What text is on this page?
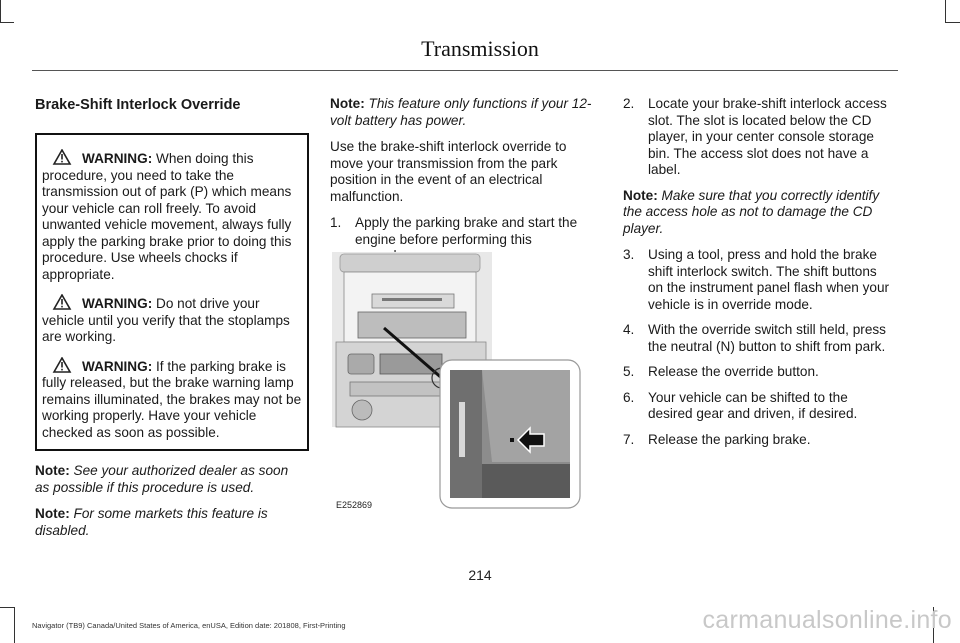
Transmission
Brake-Shift Interlock Override
WARNING: When doing this procedure, you need to take the transmission out of park (P) which means your vehicle can roll freely. To avoid unwanted vehicle movement, always fully apply the parking brake prior to doing this procedure. Use wheels chocks if appropriate.
WARNING: Do not drive your vehicle until you verify that the stoplamps are working.
WARNING: If the parking brake is fully released, but the brake warning lamp remains illuminated, the brakes may not be working properly. Have your vehicle checked as soon as possible.

Note: See your authorized dealer as soon as possible if this procedure is used.

Note: For some markets this feature is disabled.

Note: This feature only functions if your 12-volt battery has power.

Use the brake-shift interlock override to move your transmission from the park position in the event of an electrical malfunction.

1.	Apply the parking brake and start the engine before performing this
E252869
2.	Locate your brake-shift interlock access slot. The slot is located below the CD player, in your center console storage bin. The access slot does not have a label.

Note: Make sure that you correctly identify the access hole as not to damage the CD player.

3.	Using a tool, press and hold the brake shift interlock switch. The shift buttons on the instrument panel flash when your vehicle is in override mode.
4.	With the override switch still held, press the neutral (N) button to shift from park.
5.	Release the override button.
6.	Your vehicle can be shifted to the desired gear and driven, if desired.
7.	Release the parking brake.
214
Navigator (TB9) Canada/United States of America, enUSA, Edition date: 201808, First-Printing	carmanualsonline.info
